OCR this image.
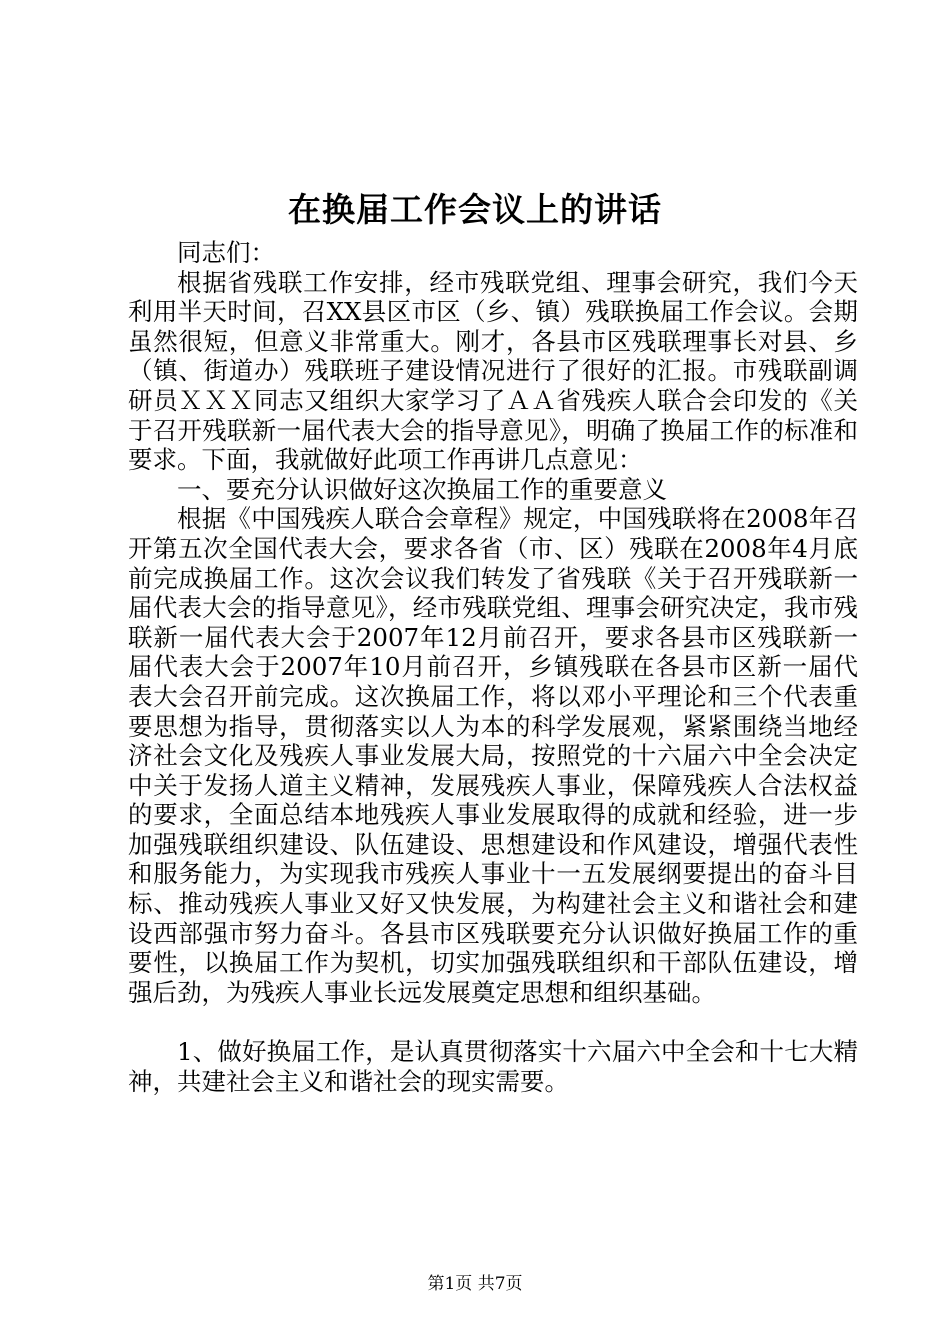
在换届工作会议上的讲话

同志们：

根据省残联工作安排，经市残联党组、理事会研究，我们今天利用半天时间，召XX县区市区（乡、镇）残联换届工作会议。会期虽然很短，但意义非常重大。刚才，各县市区残联理事长对县、乡（镇、街道办）残联班子建设情况进行了很好的汇报。市残联副调研员ＸＸＸ同志又组织大家学习了ＡＡ省残疾人联合会印发的《关于召开残联新一届代表大会的指导意见》，明确了换届工作的标准和要求。下面，我就做好此项工作再讲几点意见：

一、要充分认识做好这次换届工作的重要意义

根据《中国残疾人联合会章程》规定，中国残联将在2008年召开第五次全国代表大会，要求各省（市、区）残联在2008年4月底前完成换届工作。这次会议我们转发了省残联《关于召开残联新一届代表大会的指导意见》，经市残联党组、理事会研究决定，我市残联新一届代表大会于2007年12月前召开，要求各县市区残联新一届代表大会于2007年10月前召开，乡镇残联在各县市区新一届代表大会召开前完成。这次换届工作，将以邓小平理论和三个代表重要思想为指导，贯彻落实以人为本的科学发展观，紧紧围绕当地经济社会文化及残疾人事业发展大局，按照党的十六届六中全会决定中关于发扬人道主义精神，发展残疾人事业，保障残疾人合法权益的要求，全面总结本地残疾人事业发展取得的成就和经验，进一步加强残联组织建设、队伍建设、思想建设和作风建设，增强代表性和服务能力，为实现我市残疾人事业十一五发展纲要提出的奋斗目标、推动残疾人事业又好又快发展，为构建社会主义和谐社会和建设西部强市努力奋斗。各县市区残联要充分认识做好换届工作的重要性，以换届工作为契机，切实加强残联组织和干部队伍建设，增强后劲，为残疾人事业长远发展奠定思想和组织基础。

1、做好换届工作，是认真贯彻落实十六届六中全会和十七大精神，共建社会主义和谐社会的现实需要。

第1页 共7页
